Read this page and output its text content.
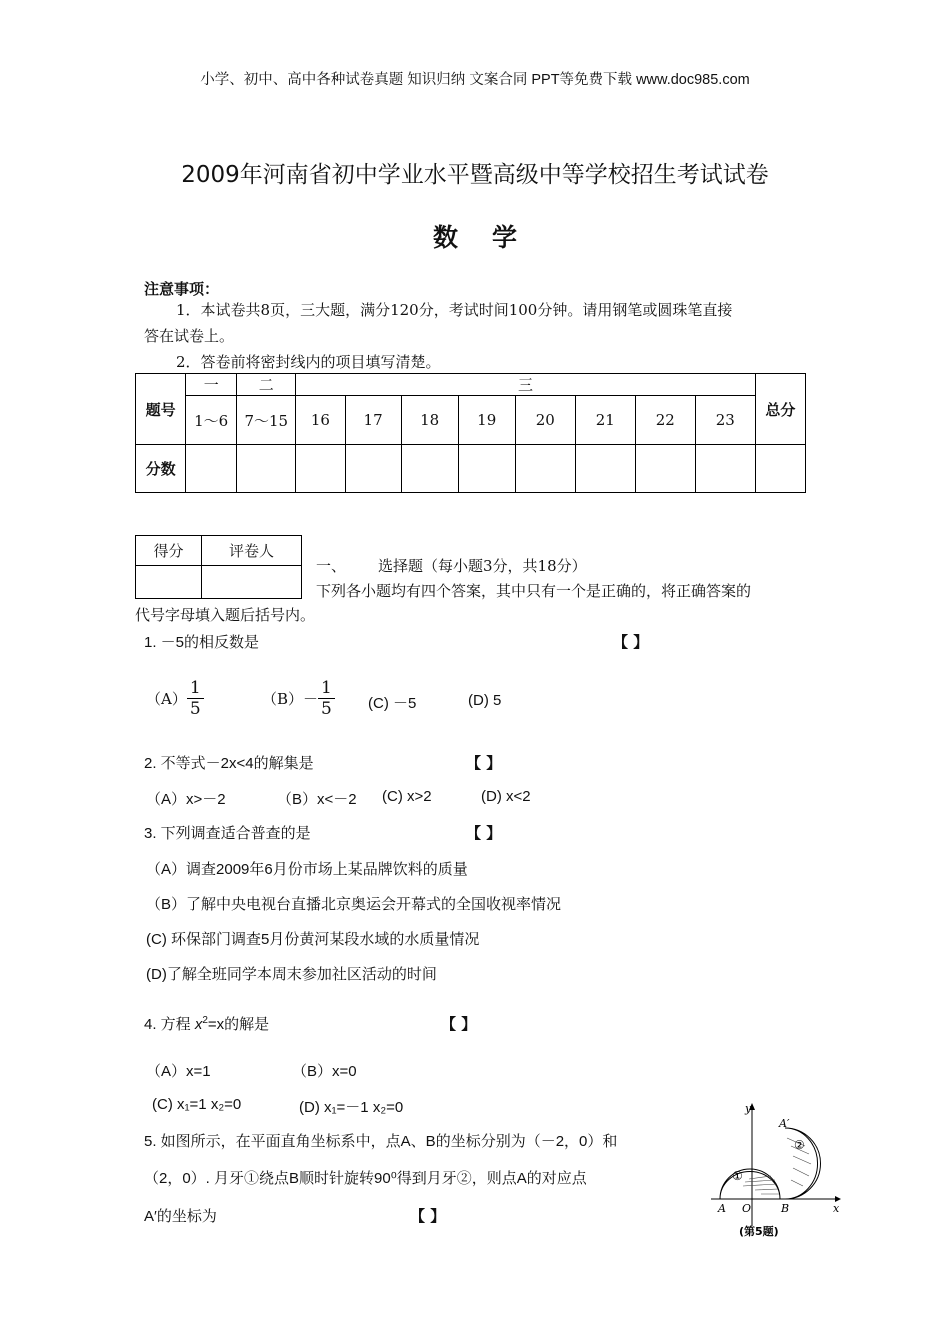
小学、初中、高中各种试卷真题 知识归纳 文案合同 PPT等免费下载 www.doc985.com
2009年河南省初中学业水平暨高级中等学校招生考试试卷
数学
注意事项：
1．本试卷共8页，三大题，满分120分，考试时间100分钟。请用钢笔或圆珠笔直接
答在试卷上。
2．答卷前将密封线内的项目填写清楚。
题号	一	二	三								总分
	1～6	7～15	16	17	18	19	20	21	22	23	
分数											
得分	评卷人

一、 选择题（每小题3分，共18分）
下列各小题均有四个答案，其中只有一个是正确的，将正确答案的
代号字母填入题后括号内。
1. －5的相反数是	【 】
$(A) \frac{1}{5}$	$(B)- \frac{1}{5} (C) -5$	(D) 5
2. 不等式－2x<4的解集是	【 】
（A）x>－2	（B）x<－2 (C) x>2	(D) x<2
3. 下列调查适合普查的是	【 】
（A）调查2009年6月份市场上某品牌饮料的质量
（B）了解中央电视台直播北京奥运会开幕式的全国收视率情况
(C) 环保部门调查5月份黄河某段水域的水质量情况
(D)了解全班同学本周末参加社区活动的时间
4. 方程 $x^2=x$的解是	【 】
（A）x=1	（B）x=0
(C) x₁=1 x₂=0	(D) x₁=－1 x₂=0
5. 如图所示，在平面直角坐标系中，点A、B的坐标分别为（－2，0）和
（2，0）. 月牙①绕点B顺时针旋转90⁰得到月牙②，则点A的对应点
A′的坐标为	【 】
y
x
A O	B
A′
①
②
(第5题)
